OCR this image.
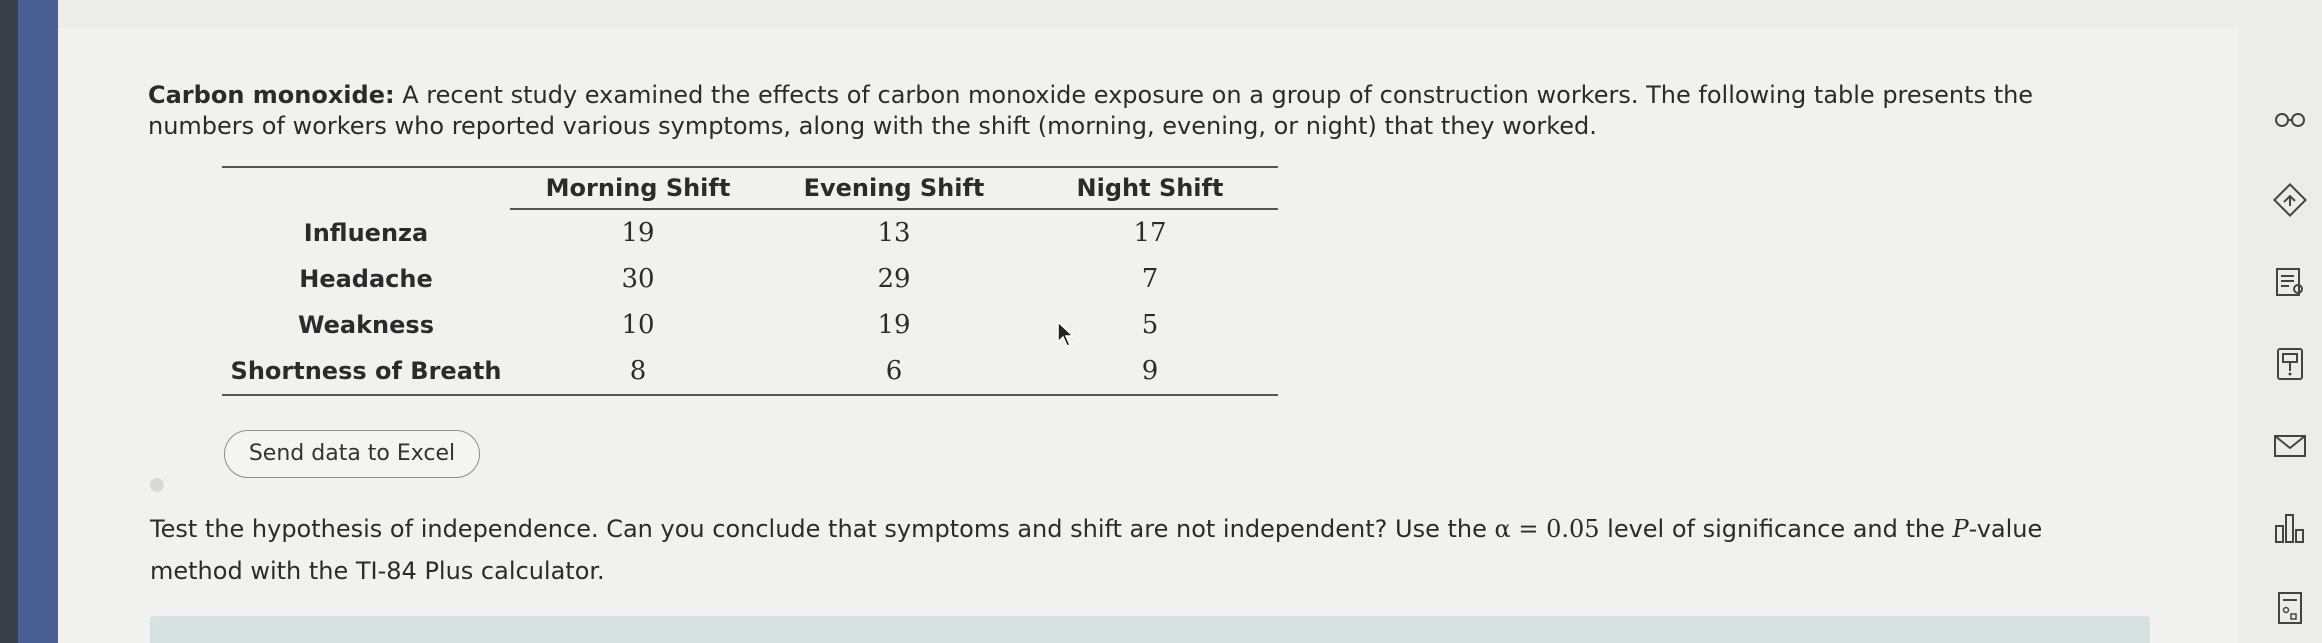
Carbon monoxide: A recent study examined the effects of carbon monoxide exposure on a group of construction workers. The following table presents the
numbers of workers who reported various symptoms, along with the shift (morning, evening, or night) that they worked.
	Morning Shift	Evening Shift	Night Shift
Influenza	19	13	17
Headache	30	29	7
Weakness	10	19	5
Shortness of Breath	8	6	9
Send data to Excel
Test the hypothesis of independence. Can you conclude that symptoms and shift are not independent? Use the α = 0.05 level of significance and the P-value
method with the TI-84 Plus calculator.
